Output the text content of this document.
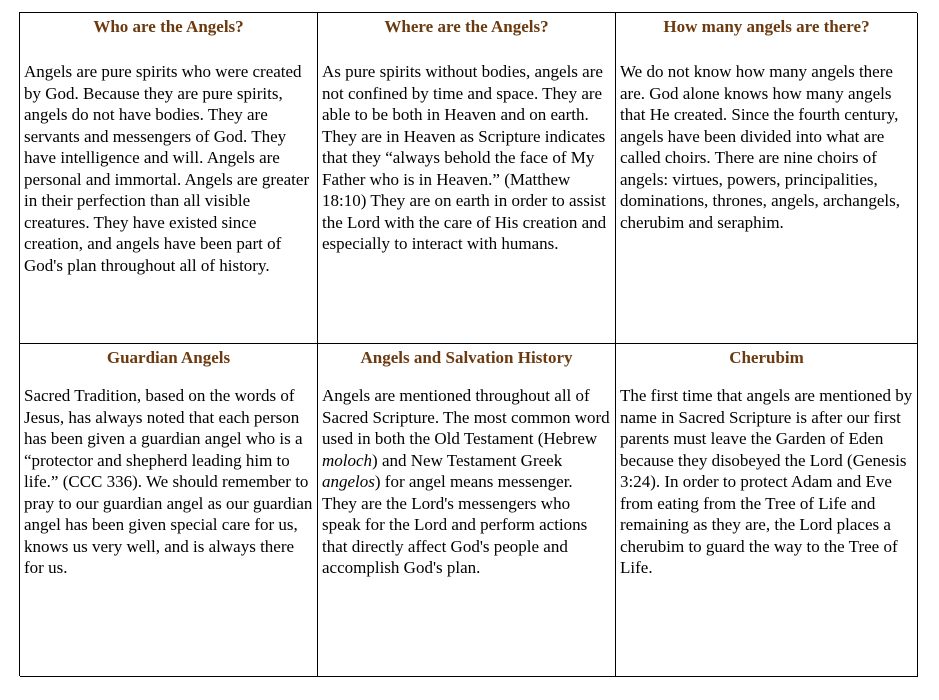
Who are the Angels?

Angels are pure spirits who were created by God. Because they are pure spirits, angels do not have bodies. They are servants and messengers of God. They have intelligence and will. Angels are personal and immortal. Angels are greater in their perfection than all visible creatures. They have existed since creation, and angels have been part of God's plan throughout all of history.

Where are the Angels?

As pure spirits without bodies, angels are not confined by time and space. They are able to be both in Heaven and on earth. They are in Heaven as Scripture indicates that they “always behold the face of My Father who is in Heaven.” (Matthew 18:10) They are on earth in order to assist the Lord with the care of His creation and especially to interact with humans.

How many angels are there?

We do not know how many angels there are. God alone knows how many angels that He created. Since the fourth century, angels have been divided into what are called choirs. There are nine choirs of angels: virtues, powers, principalities, dominations, thrones, angels, archangels, cherubim and seraphim.

Guardian Angels

Sacred Tradition, based on the words of Jesus, has always noted that each person has been given a guardian angel who is a “protector and shepherd leading him to life.” (CCC 336). We should remember to pray to our guardian angel as our guardian angel has been given special care for us, knows us very well, and is always there for us.

Angels and Salvation History

Angels are mentioned throughout all of Sacred Scripture. The most common word used in both the Old Testament (Hebrew moloch) and New Testament Greek angelos) for angel means messenger. They are the Lord's messengers who speak for the Lord and perform actions that directly affect God's people and accomplish God's plan.

Cherubim

The first time that angels are mentioned by name in Sacred Scripture is after our first parents must leave the Garden of Eden because they disobeyed the Lord (Genesis 3:24). In order to protect Adam and Eve from eating from the Tree of Life and remaining as they are, the Lord places a cherubim to guard the way to the Tree of Life.
